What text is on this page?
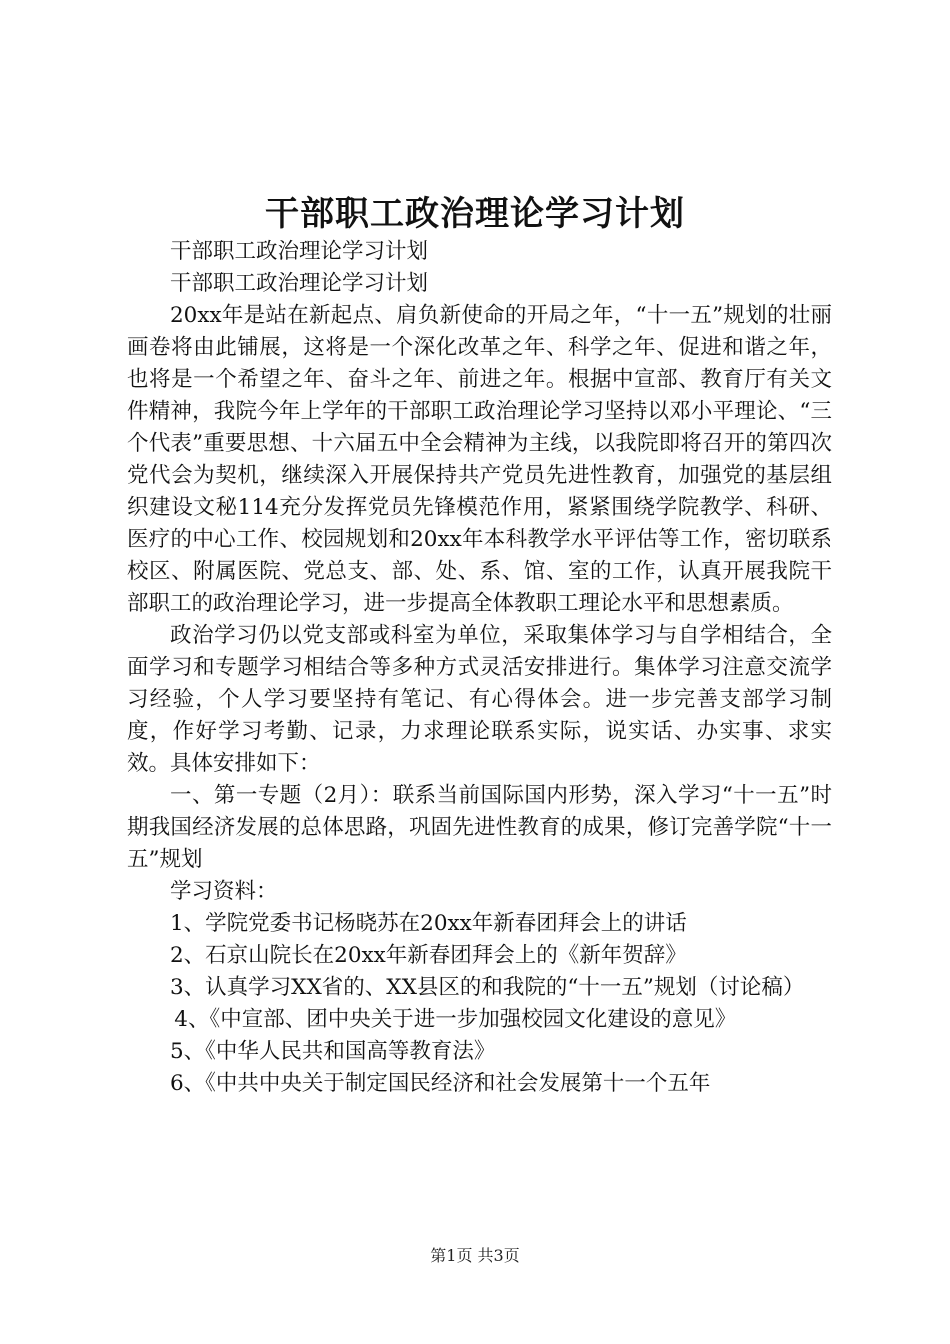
干部职工政治理论学习计划

干部职工政治理论学习计划

干部职工政治理论学习计划

20xx年是站在新起点、肩负新使命的开局之年，“十一五”规划的壮丽画卷将由此铺展，这将是一个深化改革之年、科学之年、促进和谐之年，也将是一个希望之年、奋斗之年、前进之年。根据中宣部、教育厅有关文件精神，我院今年上学年的干部职工政治理论学习坚持以邓小平理论、“三个代表”重要思想、十六届五中全会精神为主线，以我院即将召开的第四次党代会为契机，继续深入开展保持共产党员先进性教育，加强党的基层组织建设文秘114充分发挥党员先锋模范作用，紧紧围绕学院教学、科研、医疗的中心工作、校园规划和20xx年本科教学水平评估等工作，密切联系校区、附属医院、党总支、部、处、系、馆、室的工作，认真开展我院干部职工的政治理论学习，进一步提高全体教职工理论水平和思想素质。

政治学习仍以党支部或科室为单位，采取集体学习与自学相结合，全面学习和专题学习相结合等多种方式灵活安排进行。集体学习注意交流学习经验，个人学习要坚持有笔记、有心得体会。进一步完善支部学习制度，作好学习考勤、记录，力求理论联系实际，说实话、办实事、求实效。具体安排如下：

一、第一专题（2月）：联系当前国际国内形势，深入学习“十一五”时期我国经济发展的总体思路，巩固先进性教育的成果，修订完善学院“十一五”规划

学习资料：

1、学院党委书记杨晓苏在20xx年新春团拜会上的讲话

2、石京山院长在20xx年新春团拜会上的《新年贺辞》

3、认真学习XX省的、XX县区的和我院的“十一五”规划（讨论稿）

4、《中宣部、团中央关于进一步加强校园文化建设的意见》

5、《中华人民共和国高等教育法》

6、《中共中央关于制定国民经济和社会发展第十一个五年

第1页 共3页
